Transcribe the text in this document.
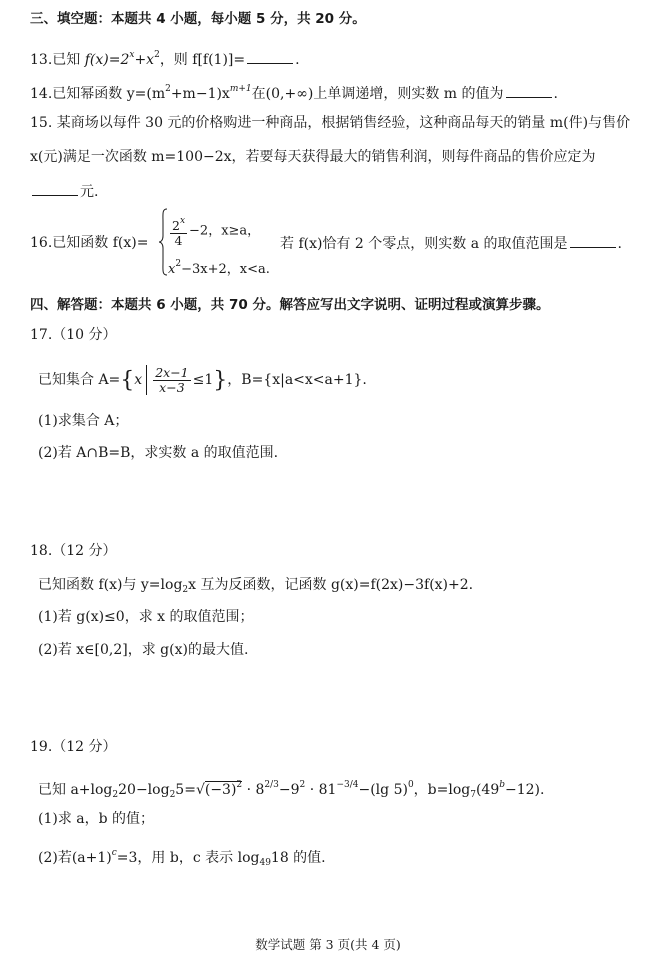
三、填空题：本题共 4 小题，每小题 5 分，共 20 分。
13.已知 $f(x)=2^x+x^2$，则 f[f(1)]=	.
14.已知幂函数 $y=(m^2+m-1)x^{m+1}$在(0,+∞)上单调递增，则实数 m 的值为	.
15. 某商场以每件 30 元的价格购进一种商品，根据销售经验，这种商品每天的销量 m(件)与售价
x(元)满足一次函数 m=100−2x，若要每天获得最大的销售利润，则每件商品的售价应定为
元.
16.已知函数 f(x)=	$\frac{2^x}{4} -2$，x≥a，
$x^2-3x+2$，x<a.
若 f(x)恰有 2 个零点，则实数 a 的取值范围是	.
四、解答题：本题共 6 小题，共 70 分。解答应写出文字说明、证明过程或演算步骤。
17.（10 分）
已知集合 $A=\{x \frac{2x-1}{x-3} \le 1\}$，B={x|a<x<a+1}.
(1)求集合 A；
(2)若 A∩B=B，求实数 a 的取值范围.
18.（12 分）
已知函数 f(x)与 $y=\log_2x$ 互为反函数，记函数 g(x)=f(2x)−3f(x)+2.
(1)若 g(x)≤0，求 x 的取值范围；
(2)若 x∈[0,2]，求 g(x)的最大值.
19.（12 分）
已知 $a+\log_220-\log_25=√(-3)^2 \cdot 8^{2/3}-9^2 \cdot 81^{-3/4}-(\lg$ 5)$^0$，$b=\log_7(49^b-12)$.
(1)求 a，b 的值；
(2)若$(a+1)^c=3$，用 b，c 表示 $\log_{49}18$ 的值.
数学试题 第 3 页(共 4 页)
